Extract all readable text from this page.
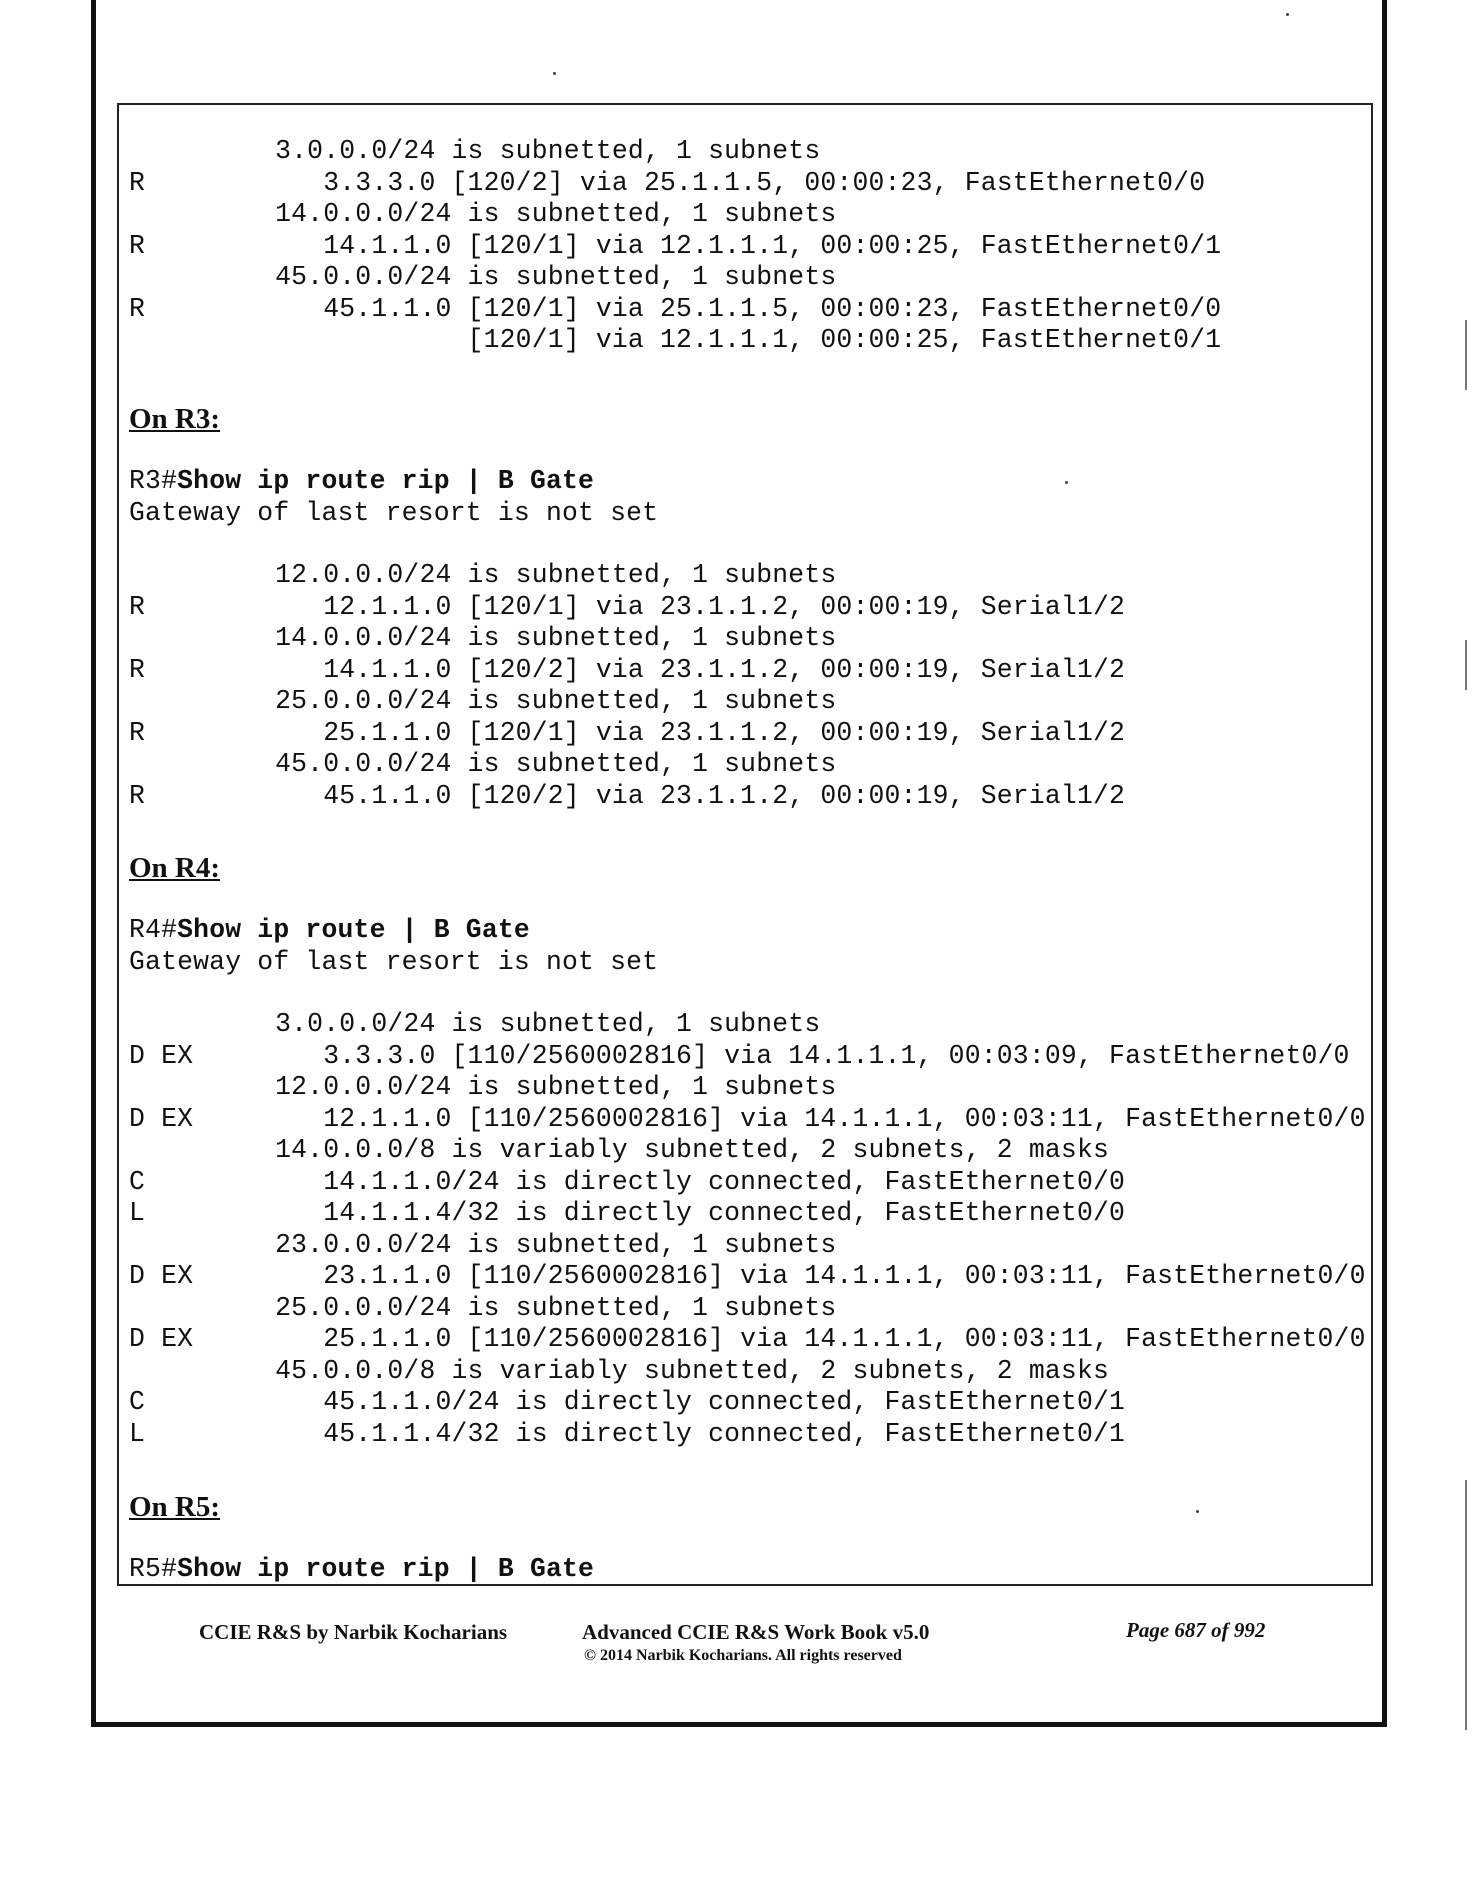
3.0.0.0/24 is subnetted, 1 subnets
R	3.3.3.0 [120/2] via 25.1.1.5, 00:00:23, FastEthernet0/0
14.0.0.0/24 is subnetted, 1 subnets
R	14.1.1.0 [120/1] via 12.1.1.1, 00:00:25, FastEthernet0/1
45.0.0.0/24 is subnetted, 1 subnets
R	45.1.1.0 [120/1] via 25.1.1.5, 00:00:23, FastEthernet0/0
[120/1] via 12.1.1.1, 00:00:25, FastEthernet0/1
On R3:
R3#Show ip route rip | B Gate
Gateway of last resort is not set
12.0.0.0/24 is subnetted, 1 subnets
R	12.1.1.0 [120/1] via 23.1.1.2, 00:00:19, Serial1/2
14.0.0.0/24 is subnetted, 1 subnets
R	14.1.1.0 [120/2] via 23.1.1.2, 00:00:19, Serial1/2
25.0.0.0/24 is subnetted, 1 subnets
R	25.1.1.0 [120/1] via 23.1.1.2, 00:00:19, Serial1/2
45.0.0.0/24 is subnetted, 1 subnets
R	45.1.1.0 [120/2] via 23.1.1.2, 00:00:19, Serial1/2
On R4:
R4#Show ip route | B Gate
Gateway of last resort is not set
3.0.0.0/24 is subnetted, 1 subnets
D EX      3.3.3.0 [110/2560002816] via 14.1.1.1, 00:03:09, FastEthernet0/0
12.0.0.0/24 is subnetted, 1 subnets
D EX      12.1.1.0 [110/2560002816] via 14.1.1.1, 00:03:11, FastEthernet0/0
14.0.0.0/8 is variably subnetted, 2 subnets, 2 masks
C	14.1.1.0/24 is directly connected, FastEthernet0/0
L	14.1.1.4/32 is directly connected, FastEthernet0/0
23.0.0.0/24 is subnetted, 1 subnets
D EX      23.1.1.0 [110/2560002816] via 14.1.1.1, 00:03:11, FastEthernet0/0
25.0.0.0/24 is subnetted, 1 subnets
D EX      25.1.1.0 [110/2560002816] via 14.1.1.1, 00:03:11, FastEthernet0/0
45.0.0.0/8 is variably subnetted, 2 subnets, 2 masks
C	45.1.1.0/24 is directly connected, FastEthernet0/1
L	45.1.1.4/32 is directly connected, FastEthernet0/1
On R5:
R5#Show ip route rip | B Gate
CCIE R&S by Narbik Kocharians	Advanced CCIE R&S Work Book v5.0
© 2014 Narbik Kocharians. All rights reserved
Page 687 of 992
